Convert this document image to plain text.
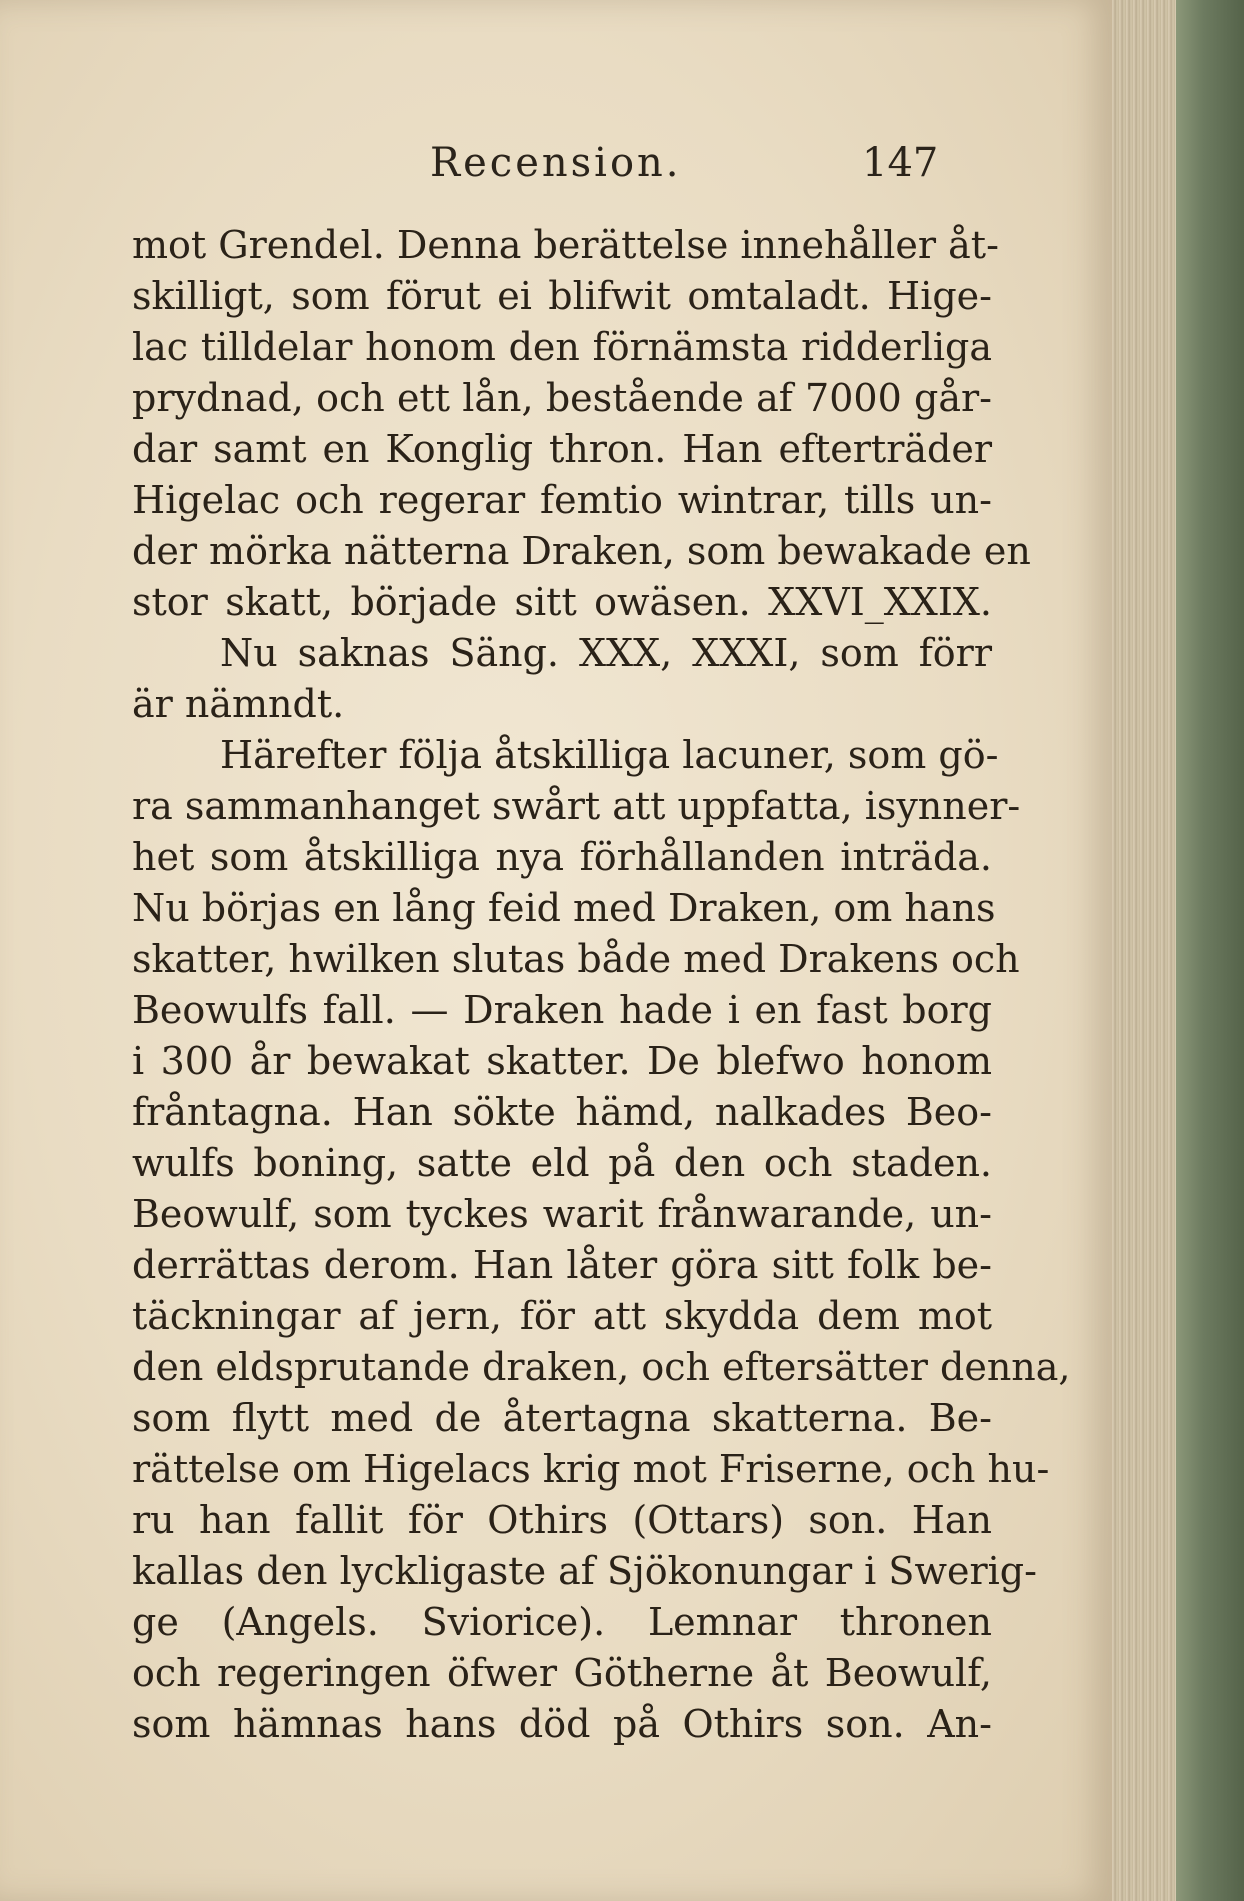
Recension.	147
mot Grendel. Denna berättelse innehåller åt-
skilligt, som förut ei blifwit omtaladt. Hige-
lac tilldelar honom den förnämsta ridderliga
prydnad, och ett lån, bestående af 7000 går-
dar samt en Konglig thron. Han efterträder
Higelac och regerar femtio wintrar, tills un-
der mörka nätterna Draken, som bewakade en
stor skatt, började sitt owäsen. XXVI_XXIX.
Nu saknas Säng. XXX, XXXI, som förr
är nämndt.
Härefter följa åtskilliga lacuner, som gö-
ra sammanhanget swårt att uppfatta, isynner-
het som åtskilliga nya förhållanden inträda.
Nu börjas en lång feid med Draken, om hans
skatter, hwilken slutas både med Drakens och
Beowulfs fall. — Draken hade i en fast borg
i 300 år bewakat skatter. De blefwo honom
fråntagna. Han sökte hämd, nalkades Beo-
wulfs boning, satte eld på den och staden.
Beowulf, som tyckes warit frånwarande, un-
derrättas derom. Han låter göra sitt folk be-
täckningar af jern, för att skydda dem mot
den eldsprutande draken, och eftersätter denna,
som flytt med de återtagna skatterna. Be-
rättelse om Higelacs krig mot Friserne, och hu-
ru han fallit för Othirs (Ottars) son. Han
kallas den lyckligaste af Sjökonungar i Swerig-
ge (Angels. Sviorice). Lemnar thronen
och regeringen öfwer Götherne åt Beowulf,
som hämnas hans död på Othirs son. An-
